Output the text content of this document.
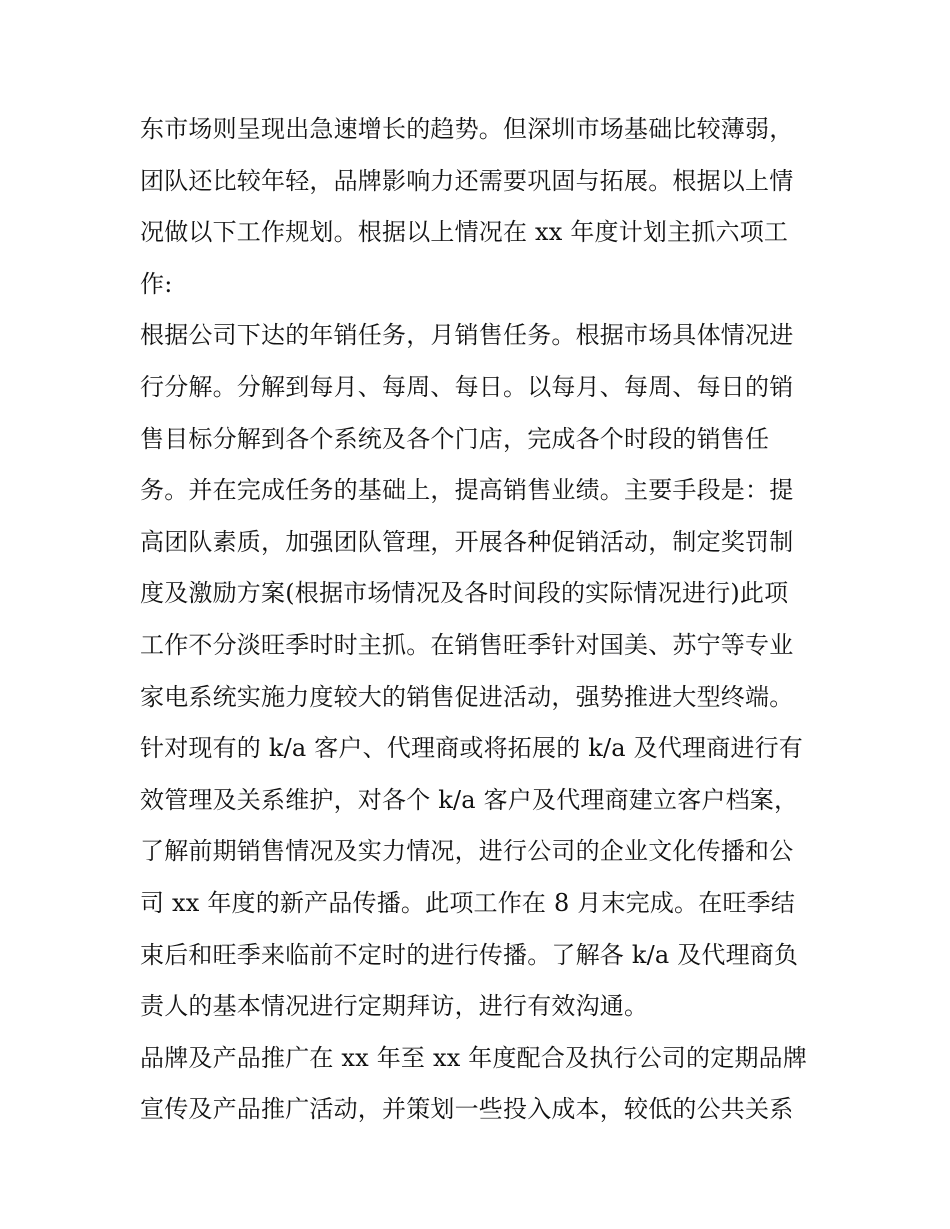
东市场则呈现出急速增长的趋势。但深圳市场基础比较薄弱，
团队还比较年轻，品牌影响力还需要巩固与拓展。根据以上情
况做以下工作规划。根据以上情况在 xx 年度计划主抓六项工
作:
根据公司下达的年销任务，月销售任务。根据市场具体情况进
行分解。分解到每月、每周、每日。以每月、每周、每日的销
售目标分解到各个系统及各个门店，完成各个时段的销售任
务。并在完成任务的基础上，提高销售业绩。主要手段是：提
高团队素质，加强团队管理，开展各种促销活动，制定奖罚制
度及激励方案(根据市场情况及各时间段的实际情况进行)此项
工作不分淡旺季时时主抓。在销售旺季针对国美、苏宁等专业
家电系统实施力度较大的销售促进活动，强势推进大型终端。
针对现有的 k/a 客户、代理商或将拓展的 k/a 及代理商进行有
效管理及关系维护，对各个 k/a 客户及代理商建立客户档案，
了解前期销售情况及实力情况，进行公司的企业文化传播和公
司 xx 年度的新产品传播。此项工作在 8 月末完成。在旺季结
束后和旺季来临前不定时的进行传播。了解各 k/a 及代理商负
责人的基本情况进行定期拜访，进行有效沟通。
品牌及产品推广在 xx 年至 xx 年度配合及执行公司的定期品牌
宣传及产品推广活动，并策划一些投入成本，较低的公共关系
